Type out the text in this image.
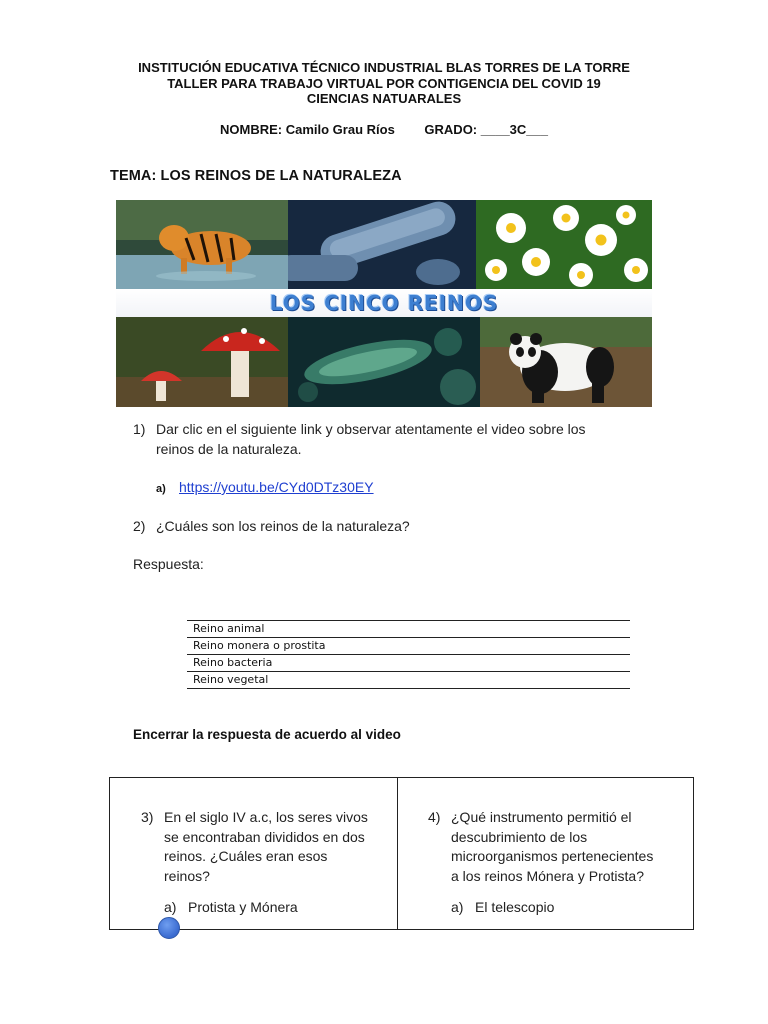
INSTITUCIÓN EDUCATIVA TÉCNICO INDUSTRIAL BLAS TORRES DE LA TORRE
TALLER PARA TRABAJO VIRTUAL POR CONTIGENCIA DEL COVID 19
CIENCIAS NATUARALES
NOMBRE: Camilo Grau Ríos GRADO: ____3C___
TEMA: LOS REINOS DE LA NATURALEZA
LOS CINCO REINOS
1) Dar clic en el siguiente link y observar atentamente el video sobre los
reinos de la naturaleza.
a) https://youtu.be/CYd0DTz30EY
2) ¿Cuáles son los reinos de la naturaleza?
Respuesta:
Reino animal
Reino monera o prostita
Reino bacteria
Reino vegetal
Encerrar la respuesta de acuerdo al video
3) En el siglo IV a.c, los seres vivos
se encontraban divididos en dos
reinos. ¿Cuáles eran esos
reinos?
a) Protista y Mónera
4) ¿Qué instrumento permitió el
descubrimiento de los
microorganismos pertenecientes
a los reinos Mónera y Protista?
a) El telescopio
